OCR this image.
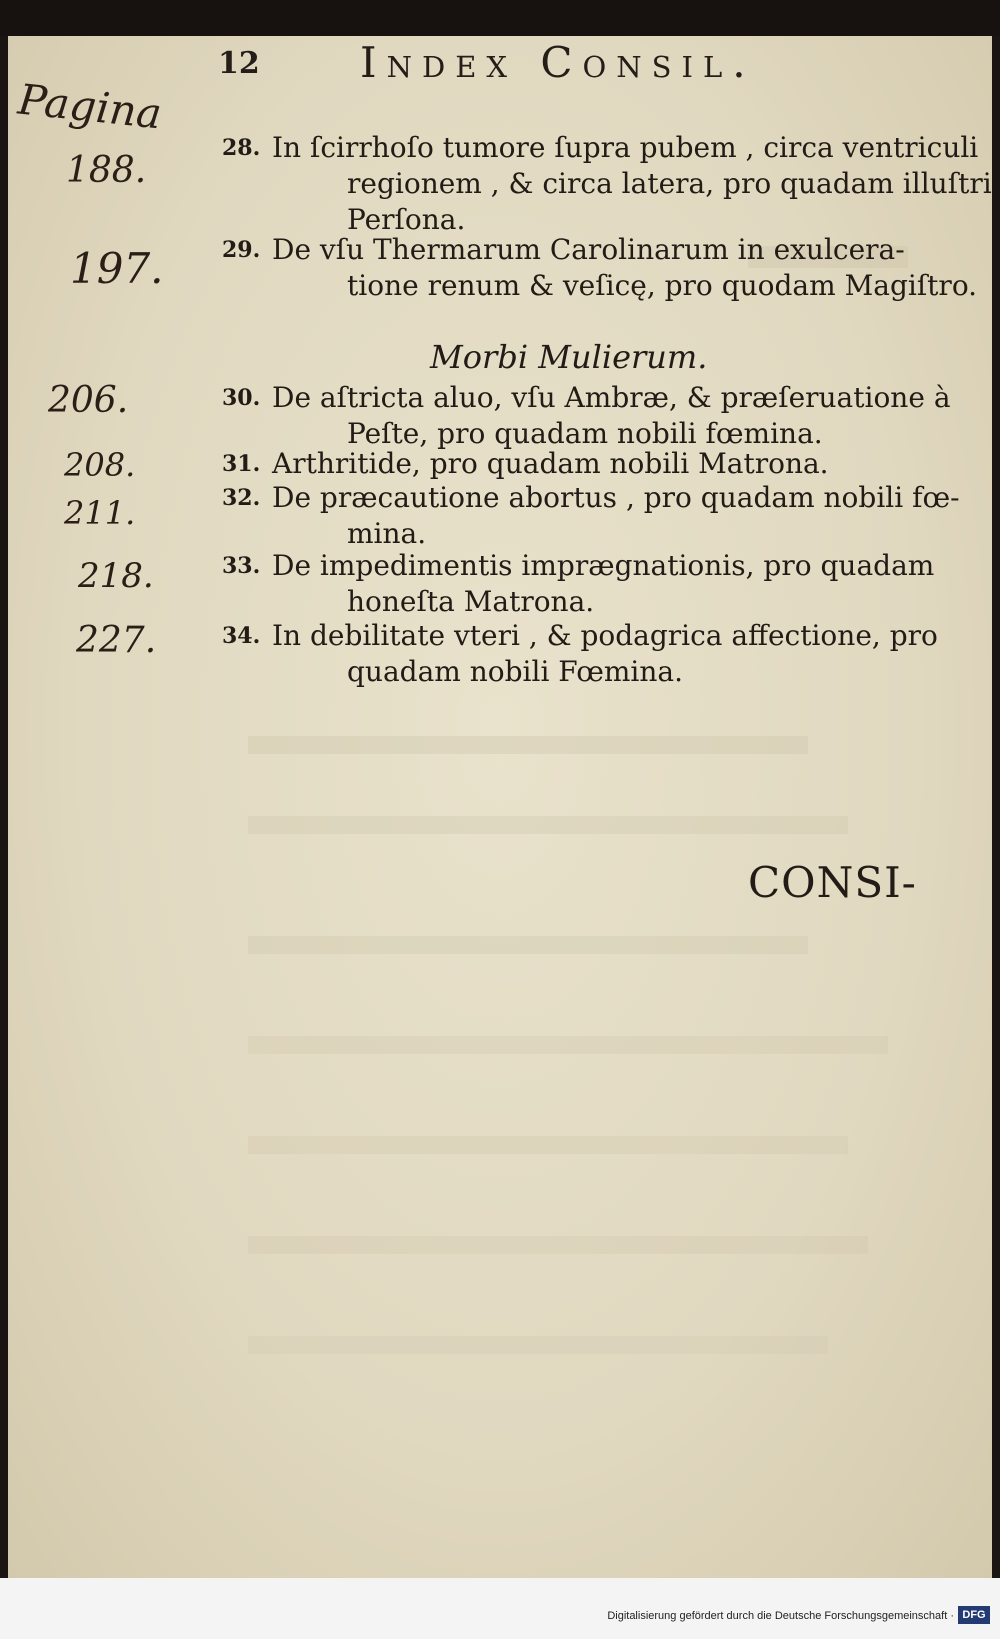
12 Index Consil.
Pagina
188.
197.
206.
208.
211.
218.
227.
28. In ſcirrhoſo tumore ſupra pubem , circa ventriculi
regionem , & circa latera, pro quadam illuſtri
Perſona.
29. De vſu Thermarum Carolinarum in exulcera-
tione renum & veſicę, pro quodam Magiſtro.
Morbi Mulierum.
30. De aſtricta aluo, vſu Ambræ, & præſeruatione à
Peſte, pro quadam nobili fœmina.
31. Arthritide, pro quadam nobili Matrona.
32. De præcautione abortus , pro quadam nobili fœ-
mina.
33. De impedimentis imprægnationis, pro quadam
honeſta Matrona.
34. In debilitate vteri , & podagrica affectione, pro
quadam nobili Fœmina.
CONSI-
Digitalisierung gefördert durch die Deutsche Forschungsgemeinschaft · DFG
